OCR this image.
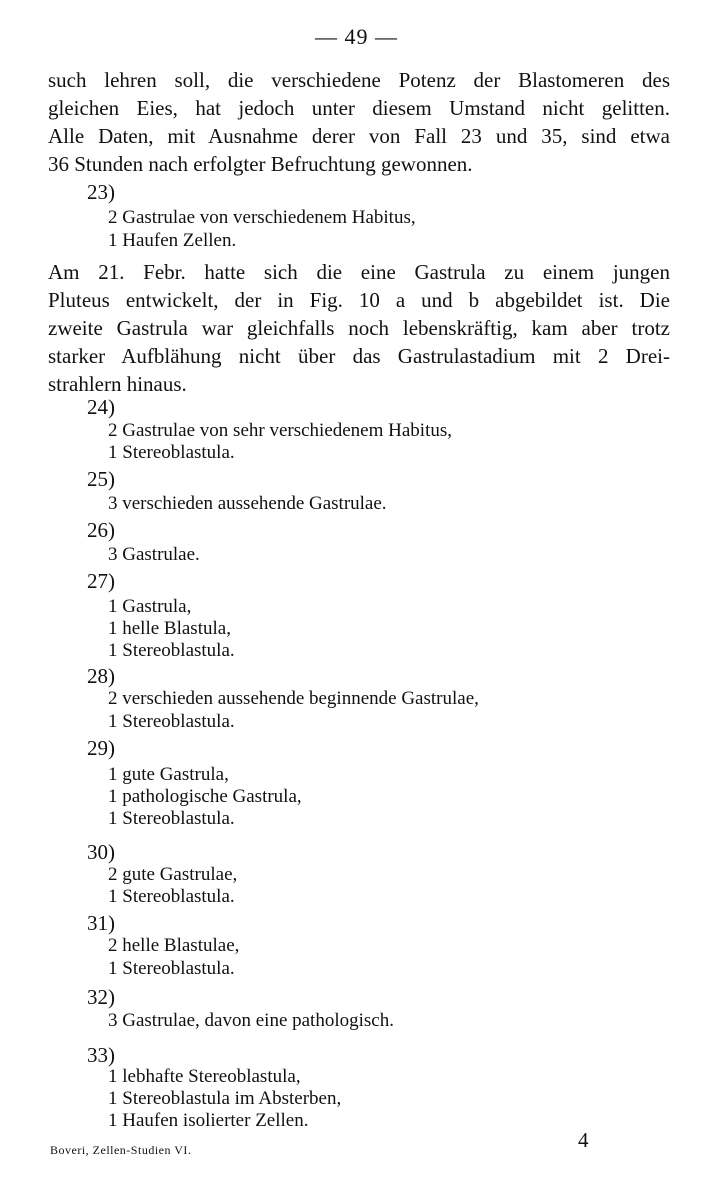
— 49 —
such lehren soll, die verschiedene Potenz der Blastomeren des
gleichen Eies, hat jedoch unter diesem Umstand nicht gelitten.
Alle Daten, mit Ausnahme derer von Fall 23 und 35, sind etwa
36 Stunden nach erfolgter Befruchtung gewonnen.
23)
2 Gastrulae von verschiedenem Habitus,
1 Haufen Zellen.
Am 21. Febr. hatte sich die eine Gastrula zu einem jungen
Pluteus entwickelt, der in Fig. 10 a und b abgebildet ist. Die
zweite Gastrula war gleichfalls noch lebenskräftig, kam aber trotz
starker Aufblähung nicht über das Gastrulastadium mit 2 Drei-
strahlern hinaus.
24)
2 Gastrulae von sehr verschiedenem Habitus,
1 Stereoblastula.
25)
3 verschieden aussehende Gastrulae.
26)
3 Gastrulae.
27)
1 Gastrula,
1 helle Blastula,
1 Stereoblastula.
28)
2 verschieden aussehende beginnende Gastrulae,
1 Stereoblastula.
29)
1 gute Gastrula,
1 pathologische Gastrula,
1 Stereoblastula.
30)
2 gute Gastrulae,
1 Stereoblastula.
31)
2 helle Blastulae,
1 Stereoblastula.
32)
3 Gastrulae, davon eine pathologisch.
33)
1 lebhafte Stereoblastula,
1 Stereoblastula im Absterben,
1 Haufen isolierter Zellen.
Boveri, Zellen-Studien VI.	4
